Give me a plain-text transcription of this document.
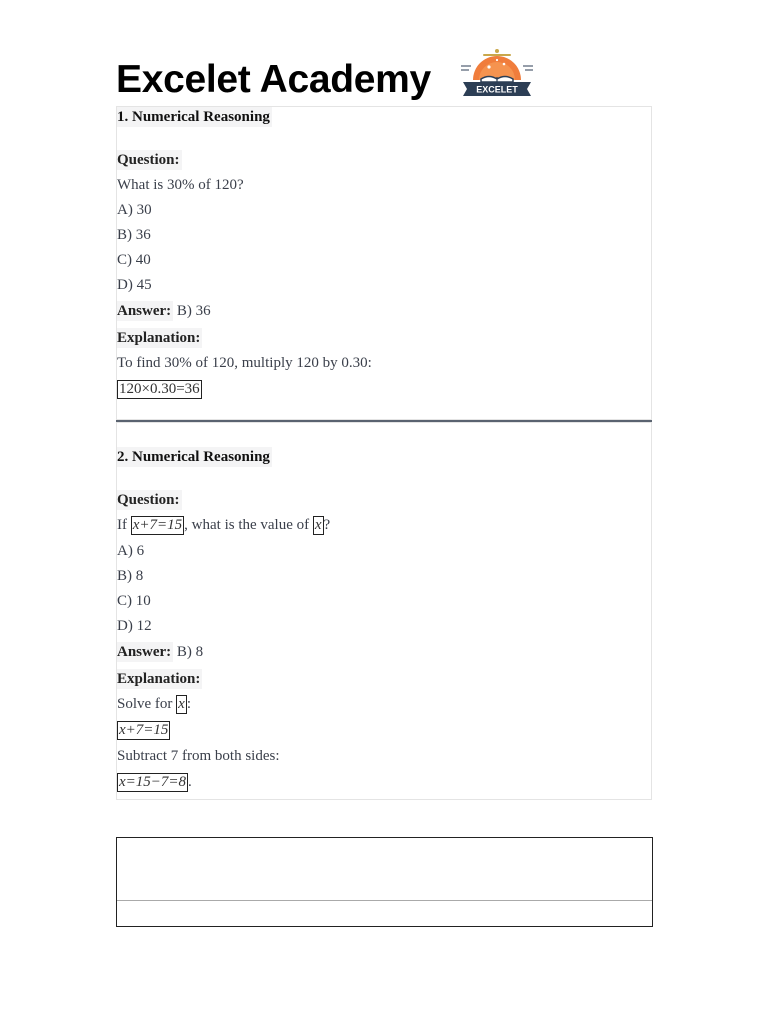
Excelet Academy	EXCELET
1. Numerical Reasoning
Question:
What is 30% of 120?
A) 30
B) 36
C) 40
D) 45
Answer: B) 36
Explanation:
To find 30% of 120, multiply 120 by 0.30:
120×0.30=36
2. Numerical Reasoning
Question:
If x+7=15 , what is the value of x ?
A) 6
B) 8
C) 10
D) 12
Answer: B) 8
Explanation:
Solve for x :
x+7=15
Subtract 7 from both sides:
x=15−7=8 .
